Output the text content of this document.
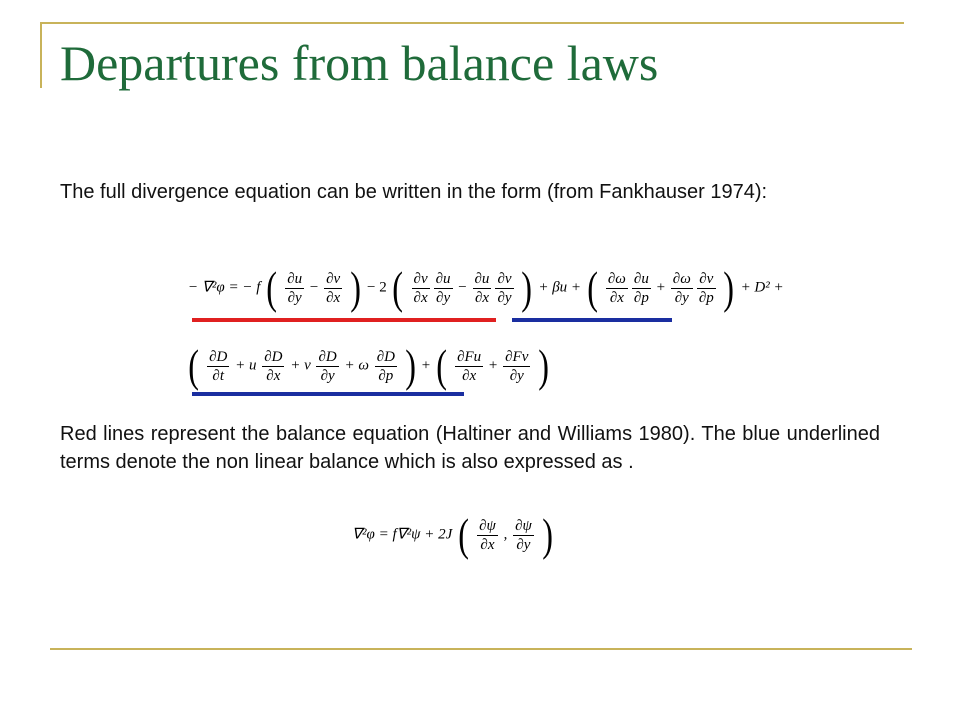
Departures from balance laws
The full divergence equation can be written in the form (from Fankhauser 1974):
− ∇²φ = − f ( $\frac{\partial u}{\partial y} - \frac{\partial v}{\partial x}$ ) − 2 ( $\frac{\partial v}{\partial x} \frac{\partial u}{\partial y} - \frac{\partial u}{\partial x} \frac{\partial v}{\partial y}$ ) + βu + ( $\frac{\partial\omega}{\partial x} \frac{\partial u}{\partial p} + \frac{\partial\omega}{\partial y} \frac{\partial v}{\partial p}$ ) + D² +
( $\frac{\partial D}{\partial t} + u \frac{\partial D}{\partial x} + v \frac{\partial D}{\partial y} + \omega \frac{\partial D}{\partial p}$ ) + ( $\frac{\partial Fu}{\partial x} + \frac{\partial Fv}{\partial y}$ )
Red lines represent the balance equation (Haltiner and Williams 1980). The blue underlined terms denote the non linear balance which is also expressed as .
∇²φ = f∇²ψ + 2J ( $\frac{\partial\psi}{\partial x}$ , $\frac{\partial\psi}{\partial y}$ )
